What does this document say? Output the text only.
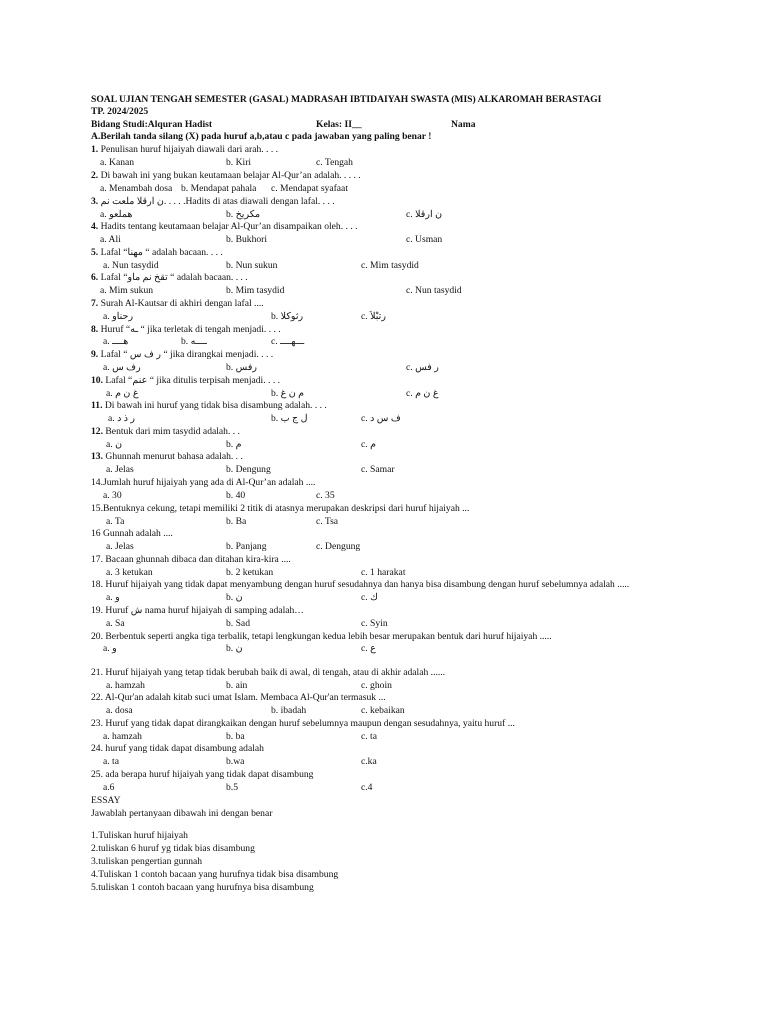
SOAL UJIAN TENGAH SEMESTER (GASAL) MADRASAH IBTIDAIYAH SWASTA (MIS) ALKAROMAH BERASTAGI
TP. 2024/2025
Bidang Studi:Alquran Hadist	Kelas: II__	Nama
A.Berilah tanda silang (X) pada huruf a,b,atau c pada jawaban yang paling benar !
1. Penulisan huruf hijaiyah diawali dari arah. . . .
a. Kanan	b. Kiri	c. Tengah
2. Di bawah ini yang bukan keutamaan belajar Al-Qur’an adalah. . . . .
a. Menambah dosa b. Mendapat pahala c. Mendapat syafaat
3. ن ارقلا ملعت نم. . . . .Hadits di atas diawali dengan lafal. . . .
a. هملعو	b. مكريخ	c. ن ارقلا
4. Hadits tentang keutamaan belajar Al-Qur’an disampaikan oleh. . . .
a. Ali	b. Bukhori	c. Usman
5. Lafal “مهنا “ adalah bacaan. . . .
a. Nun tasydid	b. Nun sukun	c. Mim tasydid
6. Lafal “تقخ نم ماو “ adalah bacaan. . . .
a. Mim sukun	b. Mim tasydid	c. Nun tasydid
7. Surah Al-Kautsar di akhiri dengan lafal ....
a. رحناو	b. رثوكلا	c. رتبْلاَ
8. Huruf “ـه “ jika terletak di tengah menjadi. . . .
a. هــــ	b. ــــه	c. ـــهــــ
9. Lafal “ ر ف س “ jika dirangkai menjadi. . . .
a. رف س	b. رفس	c. ر فس
10. Lafal “عنم “ jika ditulis terpisah menjadi. . . .
a. غ ن م	b. م ن غ	c. غ ن م
11. Di bawah ini huruf yang tidak bisa disambung adalah. . . .
a. ر ذ د	b. ل ج ب	c. ف س د
12. Bentuk dari mim tasydid adalah. . .
a. ن	b. م	c. م
13. Ghunnah menurut bahasa adalah. . .
a. Jelas	b. Dengung	c. Samar
14.Jumlah huruf hijaiyah yang ada di Al-Qur’an adalah ....
a. 30	b. 40	c. 35
15.Bentuknya cekung, tetapi memiliki 2 titik di atasnya merupakan deskripsi dari huruf hijaiyah ...
a. Ta	b. Ba	c. Tsa
16 Gunnah adalah ....
a. Jelas	b. Panjang	c. Dengung
17. Bacaan ghunnah dibaca dan ditahan kira-kira ....
a. 3 ketukan	b. 2 ketukan	c. 1 harakat
18. Huruf hijaiyah yang tidak dapat menyambung dengan huruf sesudahnya dan hanya bisa disambung dengan huruf sebelumnya adalah .....
a. و	b. ن	c. ك
19. Huruf ش nama huruf hijaiyah di samping adalah…
a. Sa	b. Sad	c. Syin
20. Berbentuk seperti angka tiga terbalik, tetapi lengkungan kedua lebih besar merupakan bentuk dari huruf hijaiyah .....
a. و	b. ن	c. ع
21. Huruf hijaiyah yang tetap tidak berubah baik di awal, di tengah, atau di akhir adalah ......
a. hamzah	b. ain	c. ghoin
22. Al-Qur'an adalah kitab suci umat Islam. Membaca Al-Qur'an termasuk ...
a. dosa	b. ibadah	c. kebaikan
23. Huruf yang tidak dapat dirangkaikan dengan huruf sebelumnya maupun dengan sesudahnya, yaitu huruf ...
a. hamzah	b. ba	c. ta
24. huruf yang tidak dapat disambung adalah
a. ta	b.wa	c.ka
25. ada berapa huruf hijaiyah yang tidak dapat disambung
a.6	b.5	c.4
ESSAY
Jawablah pertanyaan dibawah ini dengan benar
1.Tuliskan huruf hijaiyah
2.tuliskan 6 huruf yg tidak bias disambung
3.tuliskan pengertian gunnah
4.Tuliskan 1 contoh bacaan yang hurufnya tidak bisa disambung
5.tuliskan 1 contoh bacaan yang hurufnya bisa disambung
